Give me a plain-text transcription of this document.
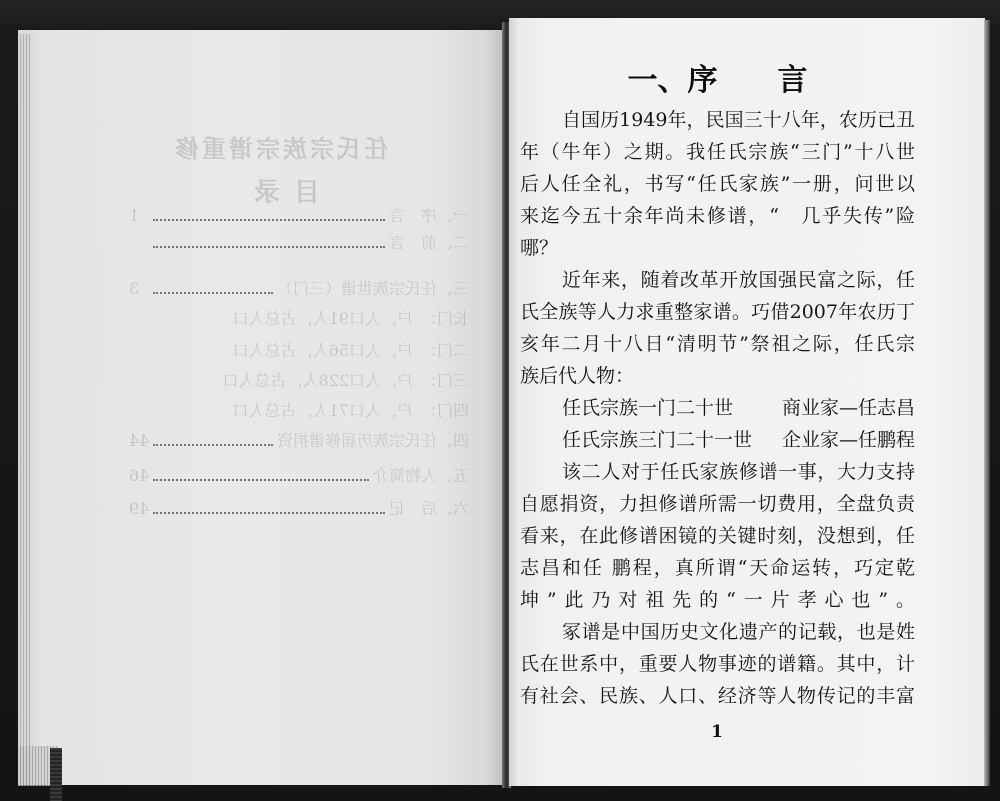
任氏宗族宗谱重修
目录
一、序　言
1
二、前　言
三、任氏宗族世谱（三门）
3
长门：　户，人口91人，占总人口
二门：　户，人口56人，占总人口
三门：　户，人口228人，占总人口
四门：　户，人口71人，占总人口
四、任氏宗族历届修谱捐资
44
五、人物简介
46
六、后　记
49
一、序　　言
自国历1949年，民国三十八年，农历已丑
年（牛年）之期。我任氏宗族“三门”十八世
后人任全礼，书写“任氏家族”一册，问世以
来迄今五十余年尚未修谱，“　几乎失传”险
哪？
近年来，随着改革开放国强民富之际，任
氏全族等人力求重整家谱。巧借2007年农历丁
亥年二月十八日“清明节”祭祖之际，任氏宗
族后代人物：
任氏宗族一门二十世	商业家—任志昌
任氏宗族三门二十一世 企业家—任鹏程
该二人对于任氏家族修谱一事，大力支持
自愿捐资，力担修谱所需一切费用，全盘负责
看来，在此修谱困镜的关键时刻，没想到，任
志昌和任 鹏程，真所谓“天命运转，巧定乾
坤”此乃对祖先的“一片孝心也”。
冢谱是中国历史文化遗产的记载，也是姓
氏在世系中，重要人物事迹的谱籍。其中，计
有社会、民族、人口、经济等人物传记的丰富
1
